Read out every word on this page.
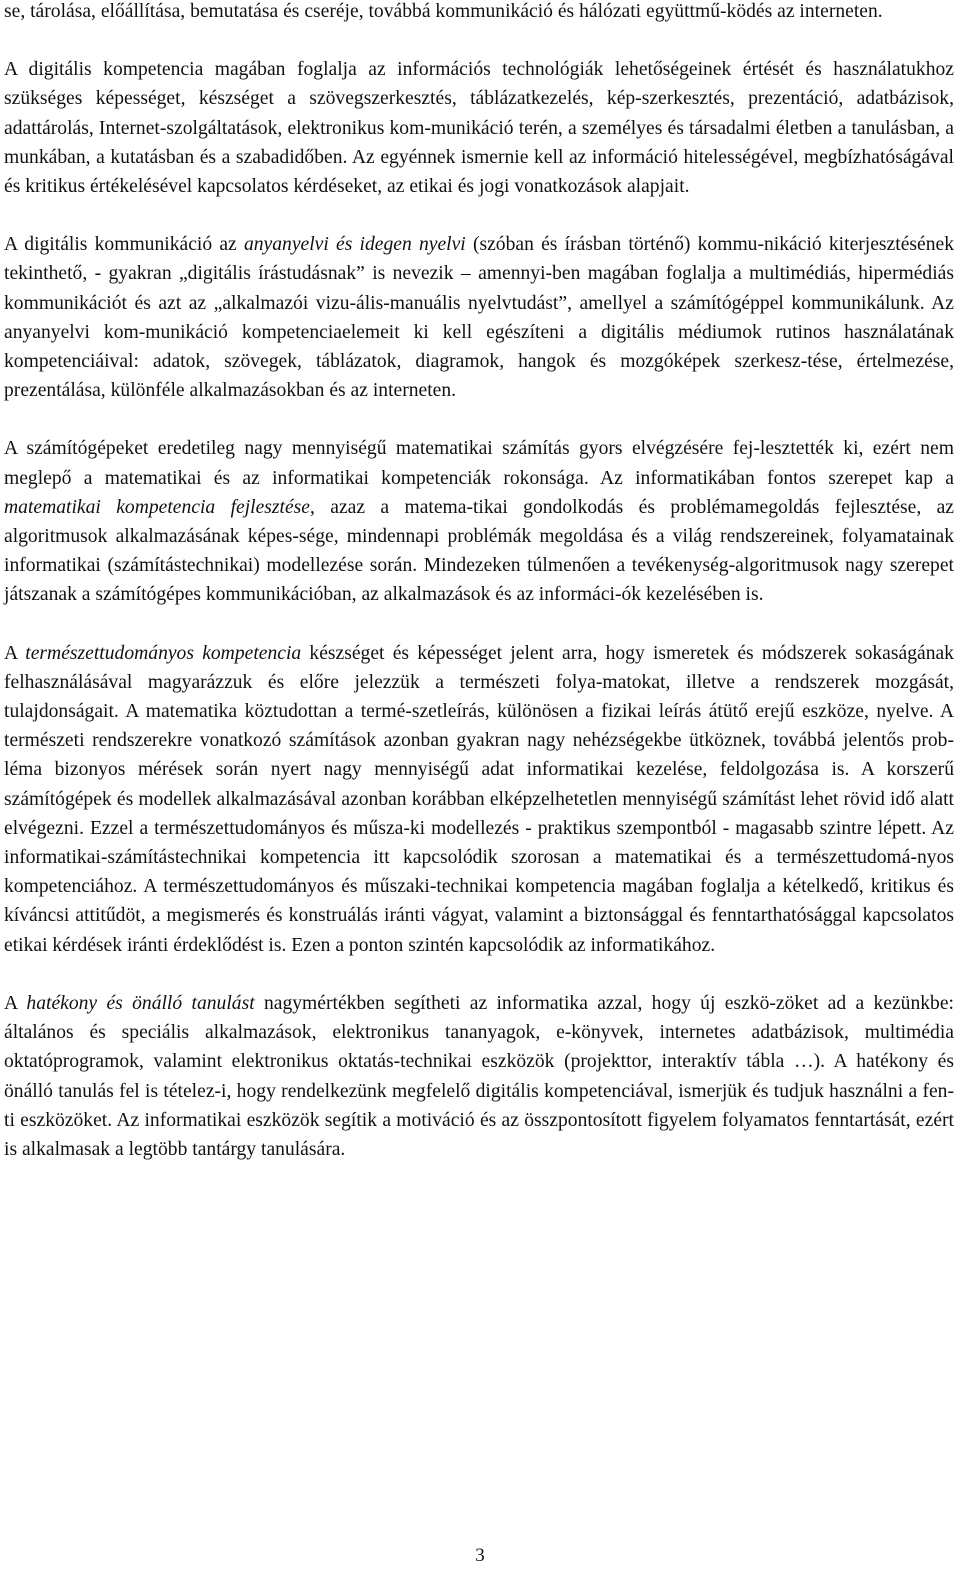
se, tárolása, előállítása, bemutatása és cseréje, továbbá kommunikáció és hálózati együttmű-ködés az interneten.

A digitális kompetencia magában foglalja az információs technológiák lehetőségeinek értését és használatukhoz szükséges képességet, készséget a szövegszerkesztés, táblázatkezelés, kép-szerkesztés, prezentáció, adatbázisok, adattárolás, Internet-szolgáltatások, elektronikus kom-munikáció terén, a személyes és társadalmi életben a tanulásban, a munkában, a kutatásban és a szabadidőben. Az egyénnek ismernie kell az információ hitelességével, megbízhatóságával és kritikus értékelésével kapcsolatos kérdéseket, az etikai és jogi vonatkozások alapjait.

A digitális kommunikáció az anyanyelvi és idegen nyelvi (szóban és írásban történő) kommu-nikáció kiterjesztésének tekinthető, - gyakran „digitális írástudásnak” is nevezik – amennyi-ben magában foglalja a multimédiás, hipermédiás kommunikációt és azt az „alkalmazói vizu-ális-manuális nyelvtudást”, amellyel a számítógéppel kommunikálunk. Az anyanyelvi kom-munikáció kompetenciaelemeit ki kell egészíteni a digitális médiumok rutinos használatának kompetenciáival: adatok, szövegek, táblázatok, diagramok, hangok és mozgóképek szerkesz-tése, értelmezése, prezentálása, különféle alkalmazásokban és az interneten.

A számítógépeket eredetileg nagy mennyiségű matematikai számítás gyors elvégzésére fej-lesztették ki, ezért nem meglepő a matematikai és az informatikai kompetenciák rokonsága. Az informatikában fontos szerepet kap a matematikai kompetencia fejlesztése, azaz a matema-tikai gondolkodás és problémamegoldás fejlesztése, az algoritmusok alkalmazásának képes-sége, mindennapi problémák megoldása és a világ rendszereinek, folyamatainak informatikai (számítástechnikai) modellezése során. Mindezeken túlmenően a tevékenység-algoritmusok nagy szerepet játszanak a számítógépes kommunikációban, az alkalmazások és az informáci-ók kezelésében is.

A természettudományos kompetencia készséget és képességet jelent arra, hogy ismeretek és módszerek sokaságának felhasználásával magyarázzuk és előre jelezzük a természeti folya-matokat, illetve a rendszerek mozgását, tulajdonságait. A matematika köztudottan a termé-szetleírás, különösen a fizikai leírás átütő erejű eszköze, nyelve. A természeti rendszerekre vonatkozó számítások azonban gyakran nagy nehézségekbe ütköznek, továbbá jelentős prob-léma bizonyos mérések során nyert nagy mennyiségű adat informatikai kezelése, feldolgozása is. A korszerű számítógépek és modellek alkalmazásával azonban korábban elképzelhetetlen mennyiségű számítást lehet rövid idő alatt elvégezni. Ezzel a természettudományos és műsza-ki modellezés - praktikus szempontból - magasabb szintre lépett. Az informatikai-számítástechnikai kompetencia itt kapcsolódik szorosan a matematikai és a természettudomá-nyos kompetenciához. A természettudományos és műszaki-technikai kompetencia magában foglalja a kételkedő, kritikus és kíváncsi attitűdöt, a megismerés és konstruálás iránti vágyat, valamint a biztonsággal és fenntarthatósággal kapcsolatos etikai kérdések iránti érdeklődést is. Ezen a ponton szintén kapcsolódik az informatikához.

A hatékony és önálló tanulást nagymértékben segítheti az informatika azzal, hogy új eszkö-zöket ad a kezünkbe: általános és speciális alkalmazások, elektronikus tananyagok, e-könyvek, internetes adatbázisok, multimédia oktatóprogramok, valamint elektronikus oktatás-technikai eszközök (projekttor, interaktív tábla …). A hatékony és önálló tanulás fel is tételez-i, hogy rendelkezünk megfelelő digitális kompetenciával, ismerjük és tudjuk használni a fen-ti eszközöket. Az informatikai eszközök segítik a motiváció és az összpontosított figyelem folyamatos fenntartását, ezért is alkalmasak a legtöbb tantárgy tanulására.

3
